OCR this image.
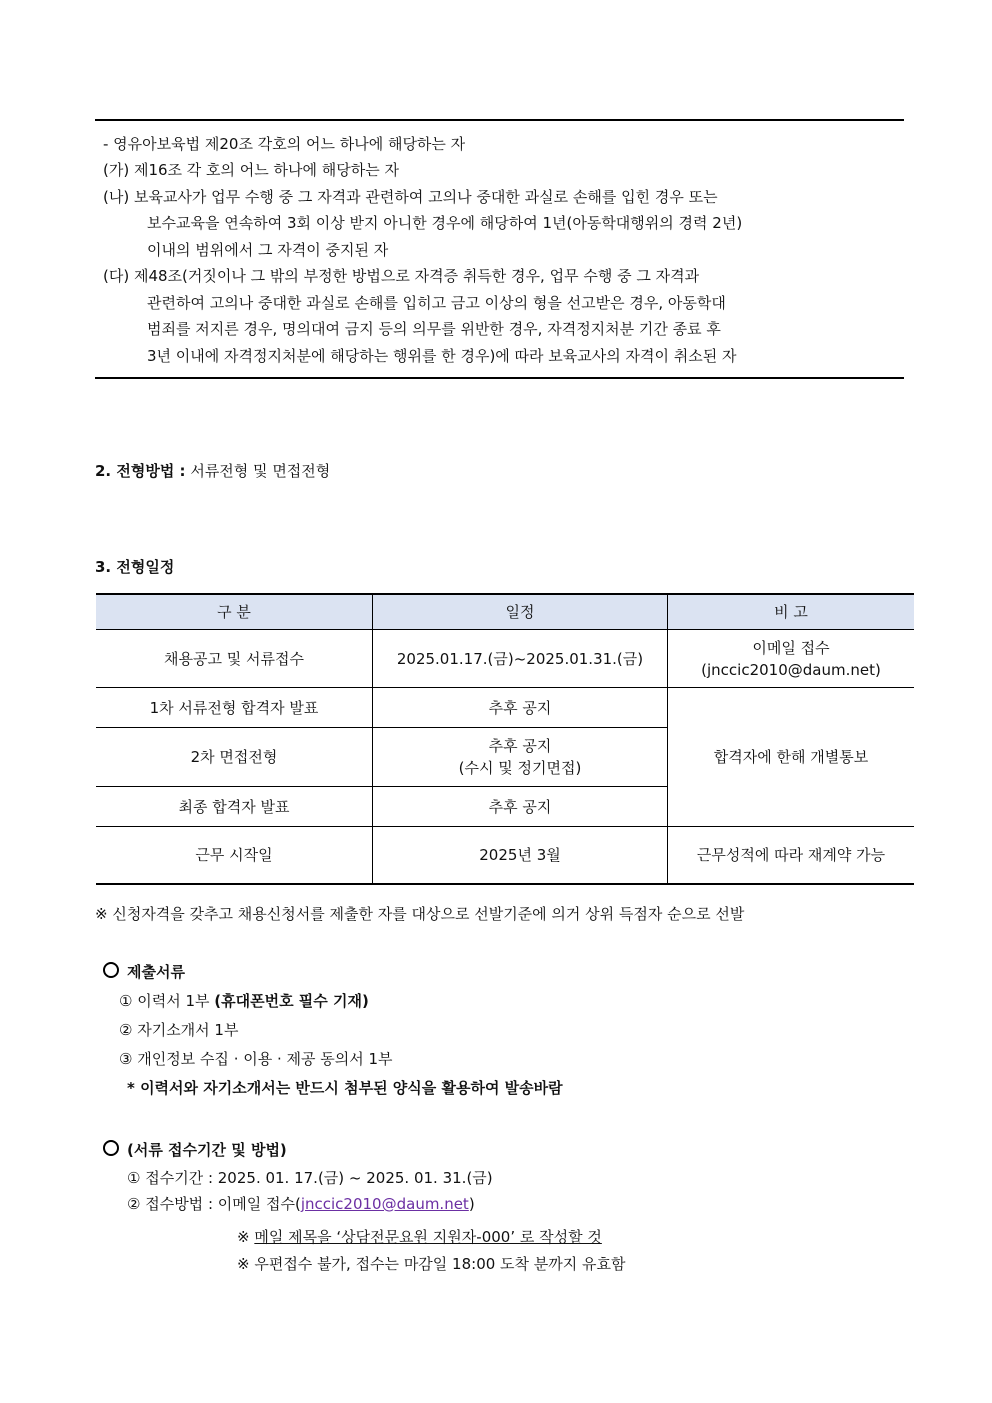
- 영유아보육법 제20조 각호의 어느 하나에 해당하는 자
(가) 제16조 각 호의 어느 하나에 해당하는 자
(나) 보육교사가 업무 수행 중 그 자격과 관련하여 고의나 중대한 과실로 손해를 입힌 경우 또는
보수교육을 연속하여 3회 이상 받지 아니한 경우에 해당하여 1년(아동학대행위의 경력 2년)
이내의 범위에서 그 자격이 중지된 자
(다) 제48조(거짓이나 그 밖의 부정한 방법으로 자격증 취득한 경우, 업무 수행 중 그 자격과
관련하여 고의나 중대한 과실로 손해를 입히고 금고 이상의 형을 선고받은 경우, 아동학대
범죄를 저지른 경우, 명의대여 금지 등의 의무를 위반한 경우, 자격정지처분 기간 종료 후
3년 이내에 자격정지처분에 해당하는 행위를 한 경우)에 따라 보육교사의 자격이 취소된 자
2. 전형방법 : 서류전형 및 면접전형
3. 전형일정
구 분	일정	비 고
채용공고 및 서류접수	2025.01.17.(금)~2025.01.31.(금)	이메일 접수
(jnccic2010@daum.net)

1차 서류전형 합격자 발표	추후 공지	합격자에 한해 개별통보
2차 면접전형	추후 공지
(수시 및 정기면접)	

최종 합격자 발표	추후 공지	
근무 시작일	2025년 3월	근무성적에 따라 재계약 가능
※ 신청자격을 갖추고 채용신청서를 제출한 자를 대상으로 선발기준에 의거 상위 득점자 순으로 선발
제출서류
① 이력서 1부 (휴대폰번호 필수 기재)
② 자기소개서 1부
③ 개인정보 수집 · 이용 · 제공 동의서 1부
* 이력서와 자기소개서는 반드시 첨부된 양식을 활용하여 발송바람
(서류 접수기간 및 방법)
① 접수기간 : 2025. 01. 17.(금) ~ 2025. 01. 31.(금)
② 접수방법 : 이메일 접수(jnccic2010@daum.net)
※ 메일 제목을 ‘상담전문요원 지원자-000’ 로 작성할 것
※ 우편접수 불가, 접수는 마감일 18:00 도착 분까지 유효함
